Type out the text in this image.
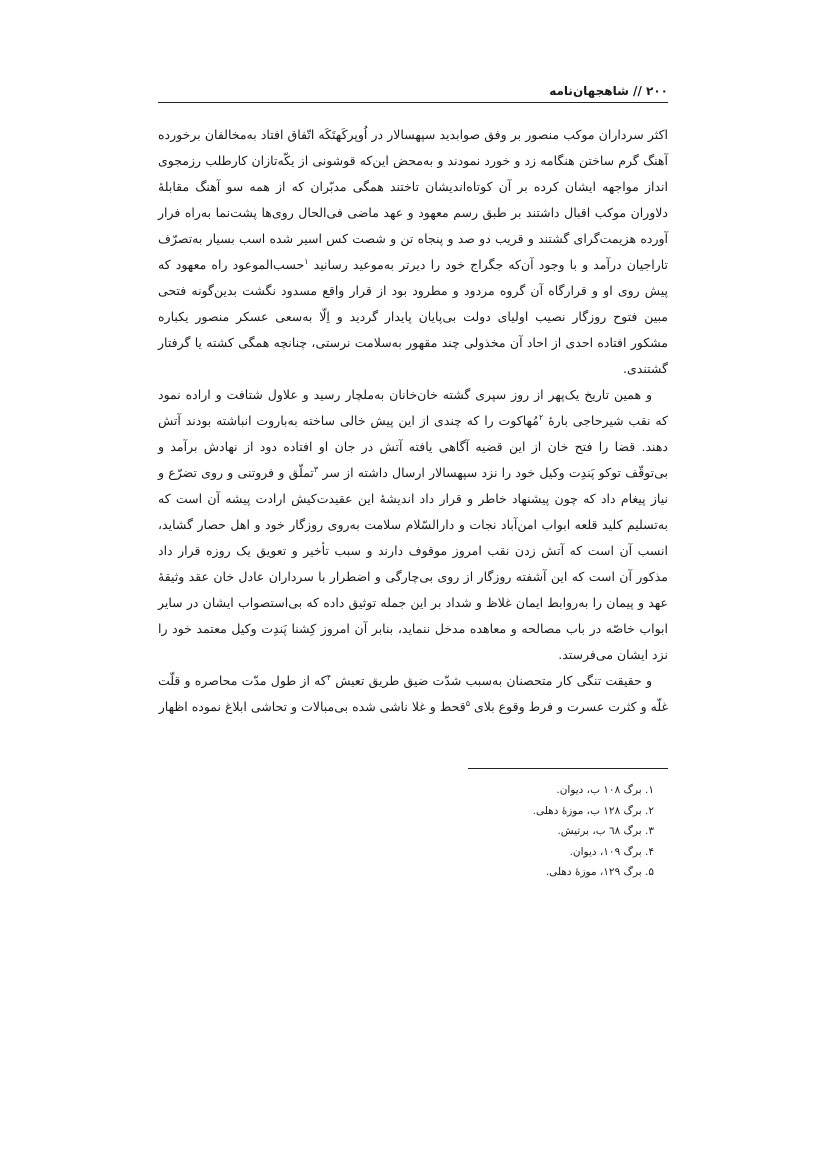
۲۰۰ // شاهجهان‌نامه

اکثر سرداران موکب منصور بر وفق صوابدید سپهسالار در اُوپرکَهتَکَه اتّفاق افتاد به‌مخالفان برخورده آهنگ گرم ساختن هنگامه زد و خورد نمودند و به‌محض این‌که قوشونی از یکّه‌تازان کارطلب رزمجوی انداز مواجهه ایشان کرده بر آن کوتاه‌اندیشان تاختند همگی مدبّران که از همه سو آهنگ مقابلهٔ دلاوران موکب اقبال داشتند بر طبق رسم معهود و عهد ماضی فی‌الحال روی‌ها پشت‌نما به‌راه فرار آورده هزیمت‌گرای گشتند و قریب دو صد و پنجاه تن و شصت کس اسیر شده اسب بسیار به‌تصرّف تاراجیان درآمد و با وجود آن‌که جگراج خود را دیرتر به‌موعید رسانید $^۱$حسب‌الموعود راه معهود که پیش روی او و قرارگاه آن گروه مردود و مطرود بود از قرار واقع مسدود نگشت بدین‌گونه فتحی مبین فتوح روزگار نصیب اولیای دولت بی‌پایان پایدار گردید و اِلّا به‌سعی عسکر منصور یکباره مشکور افتاده احدی از احاد آن مخذولی چند مقهور به‌سلامت نرستی، چنانچه همگی کشته یا گرفتار گشتندی.

و همین تاریخ یک‌پهر از روز سپری گشته خان‌خانان به‌ملچار رسید و علاول شتافت و اراده نمود که نقب شیرحاجی بارهٔ $^۲$مُهاکوت را که چندی از این پیش خالی ساخته به‌باروت انباشته بودند آتش دهند. قضا را فتح خان از این قضیه آگاهی یافته آتش در جان او افتاده دود از نهادش برآمد و بی‌توقّف توکو پَندِت وکیل خود را نزد سپهسالار ارسال داشته از سر $^۳$تملّق و فروتنی و روی تضرّع و نیاز پیغام داد که چون پیشنهاد خاطر و قرار داد اندیشهٔ این عقیدت‌کیش ارادت پیشه آن است که به‌تسلیم کلید قلعه ابواب امن‌آباد نجات و دارالسّلام سلامت به‌روی روزگار خود و اهل حصار گشاید، انسب آن است که آتش زدن نقب امروز موقوف دارند و سبب تأخیر و تعویق یک روزه قرار داد مذکور آن است که این آشفته روزگار از روی بی‌چارگی و اضطرار با سرداران عادل خان عقد وثیقهٔ عهد و پیمان را به‌روابط ایمان غلاظ و شداد بر این جمله توثیق داده که بی‌استصواب ایشان در سایر ابواب خاصّه در باب مصالحه و معاهده مدخل ننماید، بنابر آن امروز کِشنا پَندِت وکیل معتمد خود را نزد ایشان می‌فرستد.

و حقیقت تنگی کار متحصنان به‌سبب شدّت ضیق طریق تعیش $^۴$که از طول مدّت محاصره و قلّت غلّه و کثرت عسرت و فرط وقوع بلای $^۵$قحط و غلا ناشی شده بی‌مبالات و تحاشی ابلاغ نموده اظهار

۱. برگ ۱۰۸ ب، دیوان.
۲. برگ ۱۲۸ ب، موزهٔ دهلی.
۳. برگ ٦٨ ب، برتیش.
۴. برگ ۱۰۹، دیوان.
۵. برگ ۱۲۹، موزهٔ دهلی.
